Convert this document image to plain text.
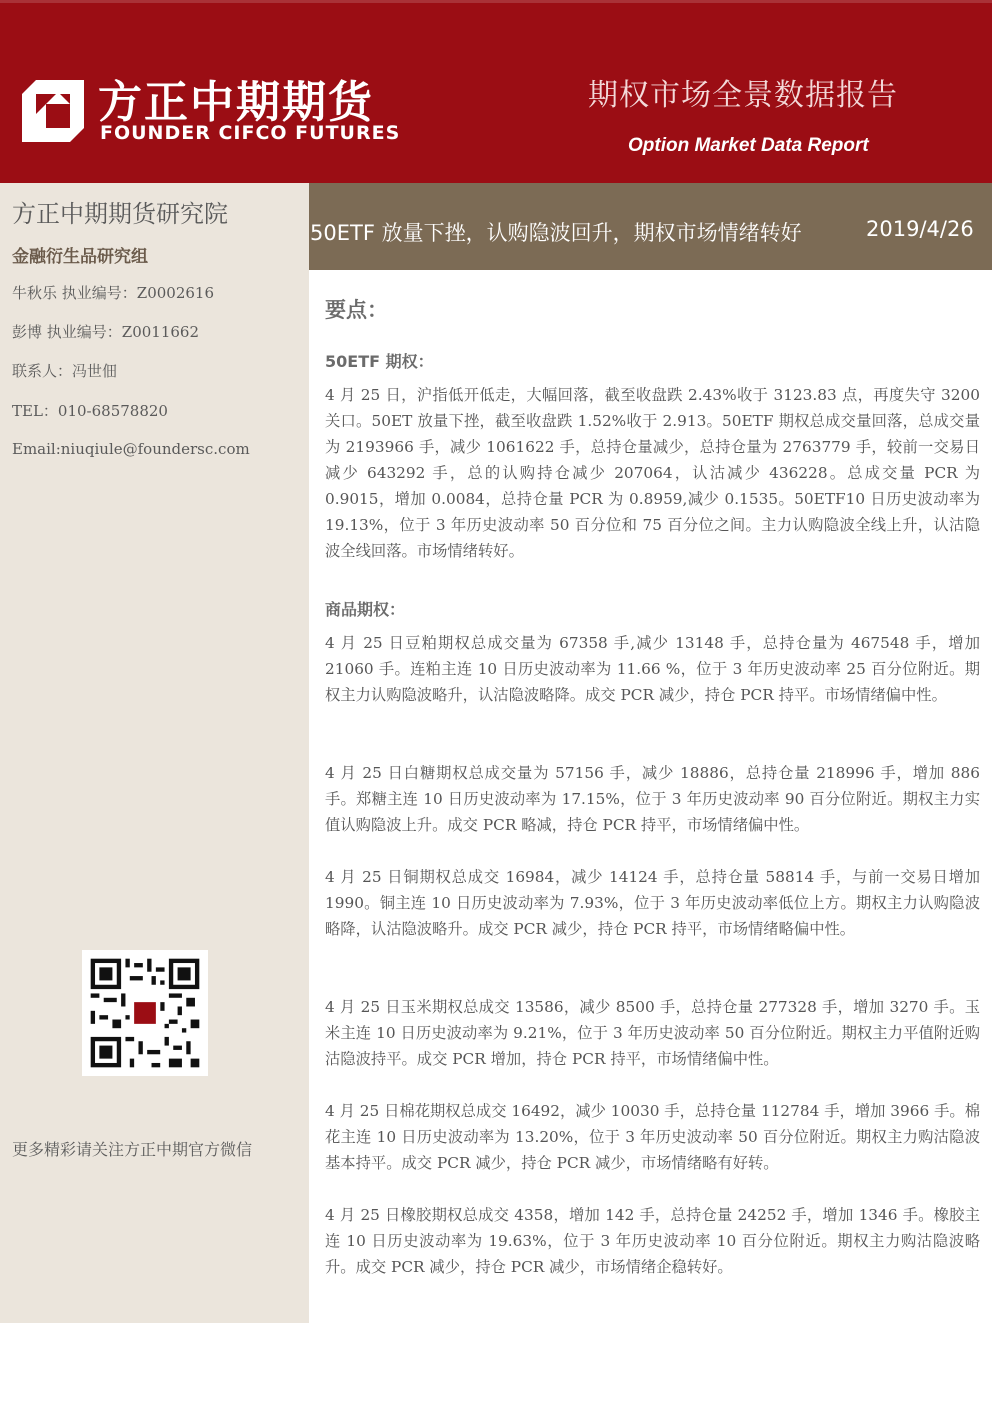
方正中期期货
FOUNDER CIFCO FUTURES
期权市场全景数据报告
Option Market Data Report
方正中期期货研究院
金融衍生品研究组
牛秋乐 执业编号：Z0002616
彭博 执业编号：Z0011662
联系人：冯世佃
TEL：010-68578820
Email:niuqiule@foundersc.com
更多精彩请关注方正中期官方微信
50ETF 放量下挫，认购隐波回升，期权市场情绪转好	2019/4/26
要点：
50ETF 期权：
4 月 25 日，沪指低开低走，大幅回落，截至收盘跌 2.43%收于 3123.83 点，再度失守 3200 关口。50ET 放量下挫，截至收盘跌 1.52%收于 2.913。50ETF 期权总成交量回落，总成交量为 2193966 手，减少 1061622 手，总持仓量减少，总持仓量为 2763779 手，较前一交易日减少 643292 手，总的认购持仓减少 207064，认沽减少 436228。总成交量 PCR 为 0.9015，增加 0.0084，总持仓量 PCR 为 0.8959,减少 0.1535。50ETF10 日历史波动率为 19.13%，位于 3 年历史波动率 50 百分位和 75 百分位之间。主力认购隐波全线上升，认沽隐波全线回落。市场情绪转好。
商品期权：
4 月 25 日豆粕期权总成交量为 67358 手,减少 13148 手，总持仓量为 467548 手，增加 21060 手。连粕主连 10 日历史波动率为 11.66 %，位于 3 年历史波动率 25 百分位附近。期权主力认购隐波略升，认沽隐波略降。成交 PCR 减少，持仓 PCR 持平。市场情绪偏中性。
4 月 25 日白糖期权总成交量为 57156 手，减少 18886，总持仓量 218996 手，增加 886 手。郑糖主连 10 日历史波动率为 17.15%，位于 3 年历史波动率 90 百分位附近。期权主力实值认购隐波上升。成交 PCR 略减，持仓 PCR 持平，市场情绪偏中性。
4 月 25 日铜期权总成交 16984，减少 14124 手，总持仓量 58814 手，与前一交易日增加 1990。铜主连 10 日历史波动率为 7.93%，位于 3 年历史波动率低位上方。期权主力认购隐波略降，认沽隐波略升。成交 PCR 减少，持仓 PCR 持平，市场情绪略偏中性。
4 月 25 日玉米期权总成交 13586，减少 8500 手，总持仓量 277328 手，增加 3270 手。玉米主连 10 日历史波动率为 9.21%，位于 3 年历史波动率 50 百分位附近。期权主力平值附近购沽隐波持平。成交 PCR 增加，持仓 PCR 持平，市场情绪偏中性。
4 月 25 日棉花期权总成交 16492，减少 10030 手，总持仓量 112784 手，增加 3966 手。棉花主连 10 日历史波动率为 13.20%，位于 3 年历史波动率 50 百分位附近。期权主力购沽隐波基本持平。成交 PCR 减少，持仓 PCR 减少，市场情绪略有好转。
4 月 25 日橡胶期权总成交 4358，增加 142 手，总持仓量 24252 手，增加 1346 手。橡胶主连 10 日历史波动率为 19.63%，位于 3 年历史波动率 10 百分位附近。期权主力购沽隐波略升。成交 PCR 减少，持仓 PCR 减少，市场情绪企稳转好。
